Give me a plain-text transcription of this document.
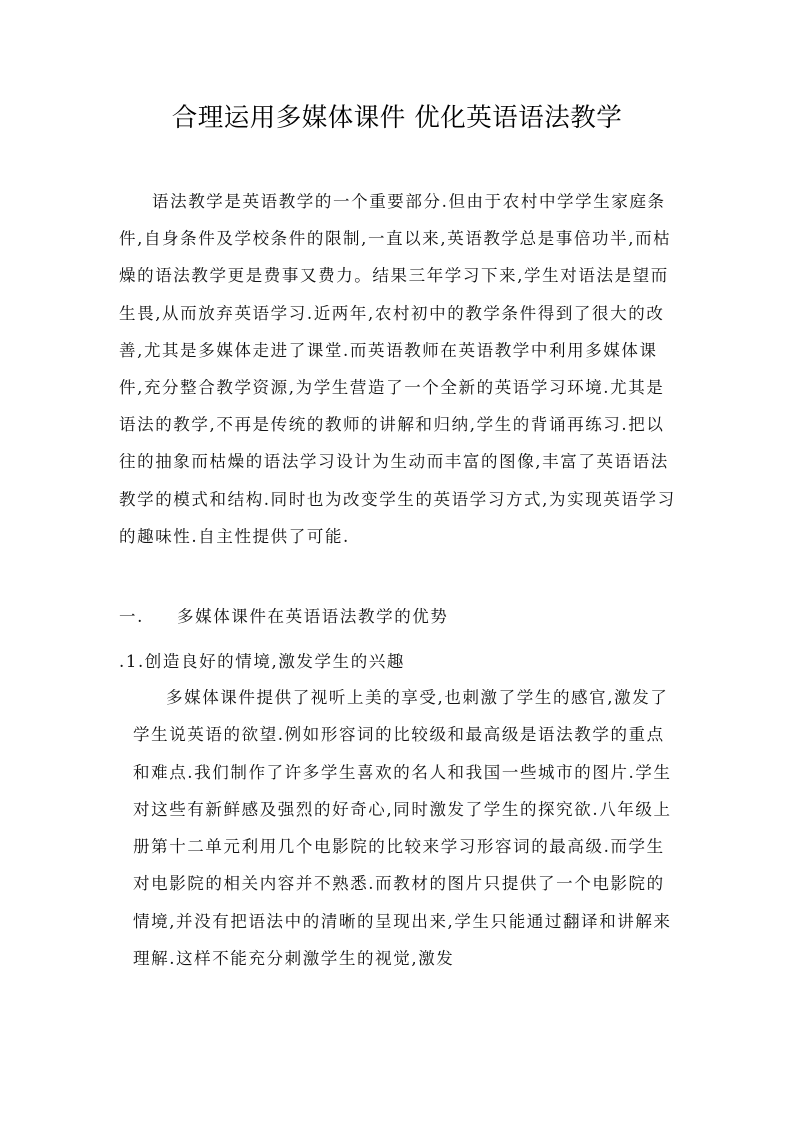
合理运用多媒体课件 优化英语语法教学
语法教学是英语教学的一个重要部分.但由于农村中学学生家庭条件,自身条件及学校条件的限制,一直以来,英语教学总是事倍功半,而枯燥的语法教学更是费事又费力。结果三年学习下来,学生对语法是望而生畏,从而放弃英语学习.近两年,农村初中的教学条件得到了很大的改善,尤其是多媒体走进了课堂.而英语教师在英语教学中利用多媒体课件,充分整合教学资源,为学生营造了一个全新的英语学习环境.尤其是语法的教学,不再是传统的教师的讲解和归纳,学生的背诵再练习.把以往的抽象而枯燥的语法学习设计为生动而丰富的图像,丰富了英语语法教学的模式和结构.同时也为改变学生的英语学习方式,为实现英语学习的趣味性.自主性提供了可能.
一. 多媒体课件在英语语法教学的优势
.1.创造良好的情境,激发学生的兴趣
多媒体课件提供了视听上美的享受,也刺激了学生的感官,激发了学生说英语的欲望.例如形容词的比较级和最高级是语法教学的重点和难点.我们制作了许多学生喜欢的名人和我国一些城市的图片.学生对这些有新鲜感及强烈的好奇心,同时激发了学生的探究欲.八年级上册第十二单元利用几个电影院的比较来学习形容词的最高级.而学生对电影院的相关内容并不熟悉.而教材的图片只提供了一个电影院的情境,并没有把语法中的清晰的呈现出来,学生只能通过翻译和讲解来理解.这样不能充分刺激学生的视觉,激发
